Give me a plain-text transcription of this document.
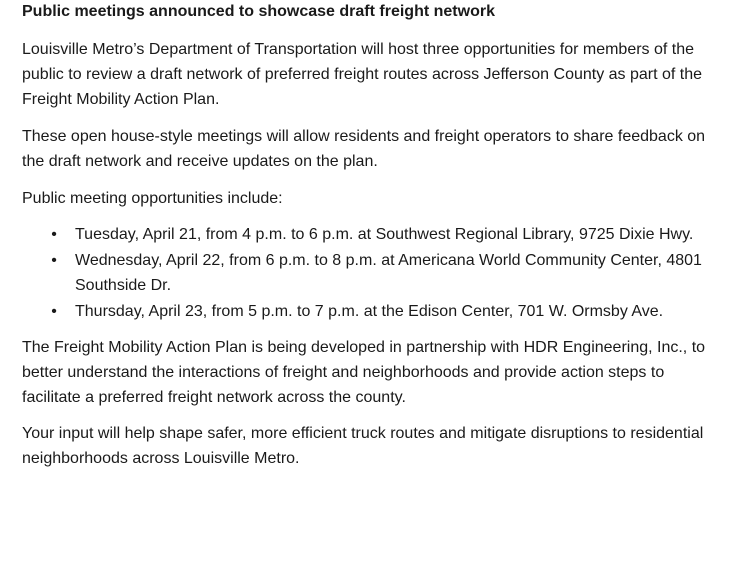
Public meetings announced to showcase draft freight network

Louisville Metro’s Department of Transportation will host three opportunities for members of the public to review a draft network of preferred freight routes across Jefferson County as part of the Freight Mobility Action Plan.

These open house-style meetings will allow residents and freight operators to share feedback on the draft network and receive updates on the plan.

Public meeting opportunities include:

• Tuesday, April 21, from 4 p.m. to 6 p.m. at Southwest Regional Library, 9725 Dixie Hwy.
• Wednesday, April 22, from 6 p.m. to 8 p.m. at Americana World Community Center, 4801 Southside Dr.
• Thursday, April 23, from 5 p.m. to 7 p.m. at the Edison Center, 701 W. Ormsby Ave.

The Freight Mobility Action Plan is being developed in partnership with HDR Engineering, Inc., to better understand the interactions of freight and neighborhoods and provide action steps to facilitate a preferred freight network across the county.

Your input will help shape safer, more efficient truck routes and mitigate disruptions to residential neighborhoods across Louisville Metro.
